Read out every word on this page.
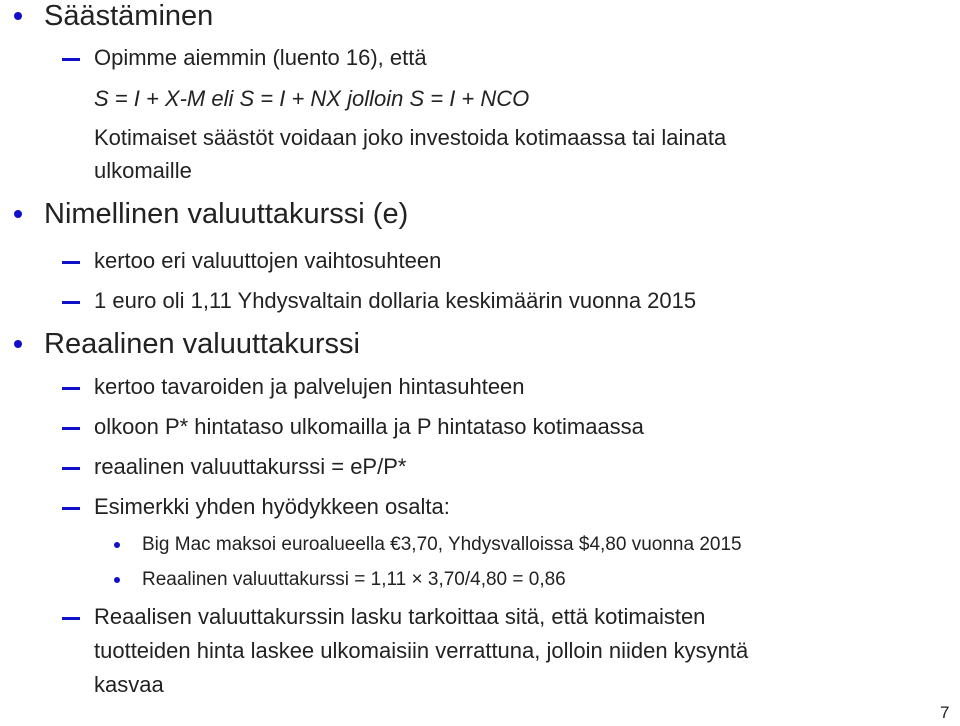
Säästäminen
Opimme aiemmin (luento 16), että
S = I + X-M eli S = I + NX jolloin S = I + NCO
Kotimaiset säästöt voidaan joko investoida kotimaassa tai lainata
ulkomaille
Nimellinen valuuttakurssi (e)
kertoo eri valuuttojen vaihtosuhteen
1 euro oli 1,11 Yhdysvaltain dollaria keskimäärin vuonna 2015
Reaalinen valuuttakurssi
kertoo tavaroiden ja palvelujen hintasuhteen
olkoon P* hintataso ulkomailla ja P hintataso kotimaassa
reaalinen valuuttakurssi = eP/P*
Esimerkki yhden hyödykkeen osalta:
Big Mac maksoi euroalueella €3,70, Yhdysvalloissa $4,80 vuonna 2015
Reaalinen valuuttakurssi = 1,11 × 3,70/4,80 = 0,86
Reaalisen valuuttakurssin lasku tarkoittaa sitä, että kotimaisten
tuotteiden hinta laskee ulkomaisiin verrattuna, jolloin niiden kysyntä
kasvaa
7
